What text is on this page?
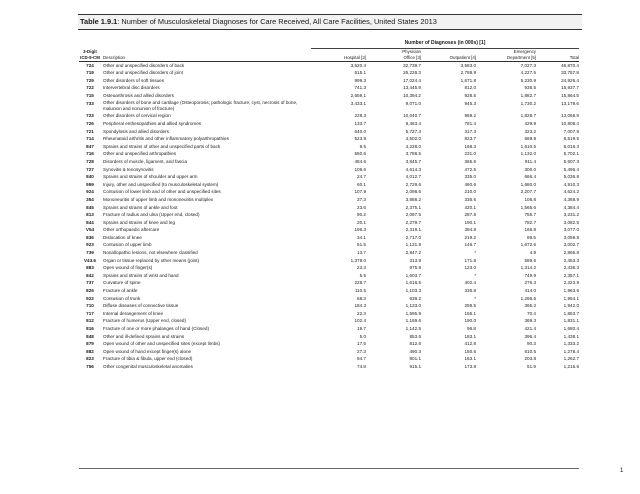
Table 1.9.1: Number of Musculoskeletal Diagnoses for Care Received, All Care Facilities, United States 2013
		Number of Diagnoses (in 000s) [1]				
3-Digit			Physician		Emergency	
ICD-9-CM	Description	Hospital [2]	Office [3]	Outpatient [4]	Department [5]	Total
724	Other and unspecified disorders of back	3,520.4	32,739.7	3,583.0	7,027.3	46,870.4
719	Other and unspecified disorders of joint	515.1	26,226.3	2,788.9	4,227.5	33,757.8
729	Other disorders of soft tissues	999.3	17,024.4	1,671.8	5,230.9	24,926.4
722	Intervertebral disc disorders	741.3	13,445.9	812.0	938.5	15,937.7
715	Osteoarthrosis and allied disorders	2,659.1	10,394.2	928.5	1,882.7	15,864.5
733	Other disorders of bone and cartilage (Osteoporosis; pathologic fracture, cyst, necrosis of bone, malunion and nonunion of fracture)	3,433.1	9,071.0	945.3	1,730.2	13,179.6
723	Other disorders of cervical region	228.3	10,040.7	969.2	1,828.7	13,066.9
726	Peripheral enthesopathies and allied syndromes	133.7	9,463.4	781.4	429.9	10,808.4
721	Spondylosis and allied disorders	640.0	5,727.4	317.3	323.2	7,007.9
714	Rheumatoid arthritis and other inflammatory polyarthropathies	523.9	4,502.0	823.7	669.9	6,519.5
847	Sprains and strains of other and unspecified parts of back	9.5	4,228.0	168.3	1,610.5	6,016.3
716	Other and unspecified arthropathies	550.6	3,788.5	231.0	1,132.0	5,702.1
728	Disorders of muscle, ligament, and fascia	484.6	3,845.7	365.6	911.4	5,607.3
727	Synovitis & tenosynovitis	109.6	4,614.3	472.5	300.0	5,496.4
840	Sprains and strains of shoulder and upper arm	24.7	4,012.7	335.0	666.4	5,036.8
959	Injury, other and unspecified (to musculoskeletal system)	60.1	2,729.6	460.6	1,680.0	4,910.3
924	Contusion of lower limb and of other and unspecified sites	107.9	2,098.6	210.0	2,207.7	4,624.2
354	Mononeuritis of upper limb and mononeuritis multiplex	37.3	3,888.2	336.6	106.8	4,368.9
845	Sprains and strains of ankle and foot	23.6	2,375.1	420.1	1,565.6	4,384.4
813	Fracture of radius and ulna (Upper end, closed)	90.2	2,097.5	287.8	755.7	3,231.2
844	Sprains and strains of knee and leg	20.1	2,279.7	190.1	782.7	3,082.5
V54	Other orthopaedic aftercare	196.3	2,319.1	394.8	166.8	3,077.0
836	Dislocation of knee	34.1	2,717.0	219.2	89.5	3,059.8
923	Contusion of upper limb	51.5	1,131.9	146.7	1,672.6	3,002.7
739	Nonallopathic lesions, not elsewhere classified	13.7	2,847.2	*	4.9	2,865.8
V43.6	Organ or tissue replaced by other means (joint)	1,378.0	313.9	171.8	589.6	2,453.3
883	Open wound of finger(s)	23.3	975.8	123.0	1,314.2	2,436.3
842	Sprains and strains of wrist and hand	5.5	1,603.7	*	749.9	2,357.1
737	Curvature of spine	228.7	1,616.5	402.4	276.3	2,323.9
826	Fracture of ankle	110.5	1,103.3	335.8	414.0	1,963.6
922	Contusion of trunk	68.3	639.2	*	1,266.6	1,954.1
710	Diffuse diseases of connective tissue	184.3	1,133.0	259.5	365.2	1,942.0
717	Internal derangement of knee	22.3	1,595.9	165.1	70.4	1,853.7
812	Fracture of humerus (Upper end, closed)	102.4	1,169.6	190.0	369.3	1,831.1
816	Fracture of one or more phalanges of hand (Closed)	19.7	1,142.5	96.8	421.4	1,680.4
848	Other and ill-defined sprains and strains	5.0	853.6	183.1	396.4	1,438.1
879	Open wound of other and unspecified sites (except limbs)	17.5	812.6	412.8	90.3	1,333.2
882	Open wound of hand except finger(s) alone	27.3	490.3	150.5	610.5	1,278.4
823	Fracture of tibia & fibula, upper end (closed)	94.7	801.1	163.1	203.8	1,262.7
756	Other congenital musculoskeletal anomalies	74.8	915.1	173.8	51.9	1,215.6
1
